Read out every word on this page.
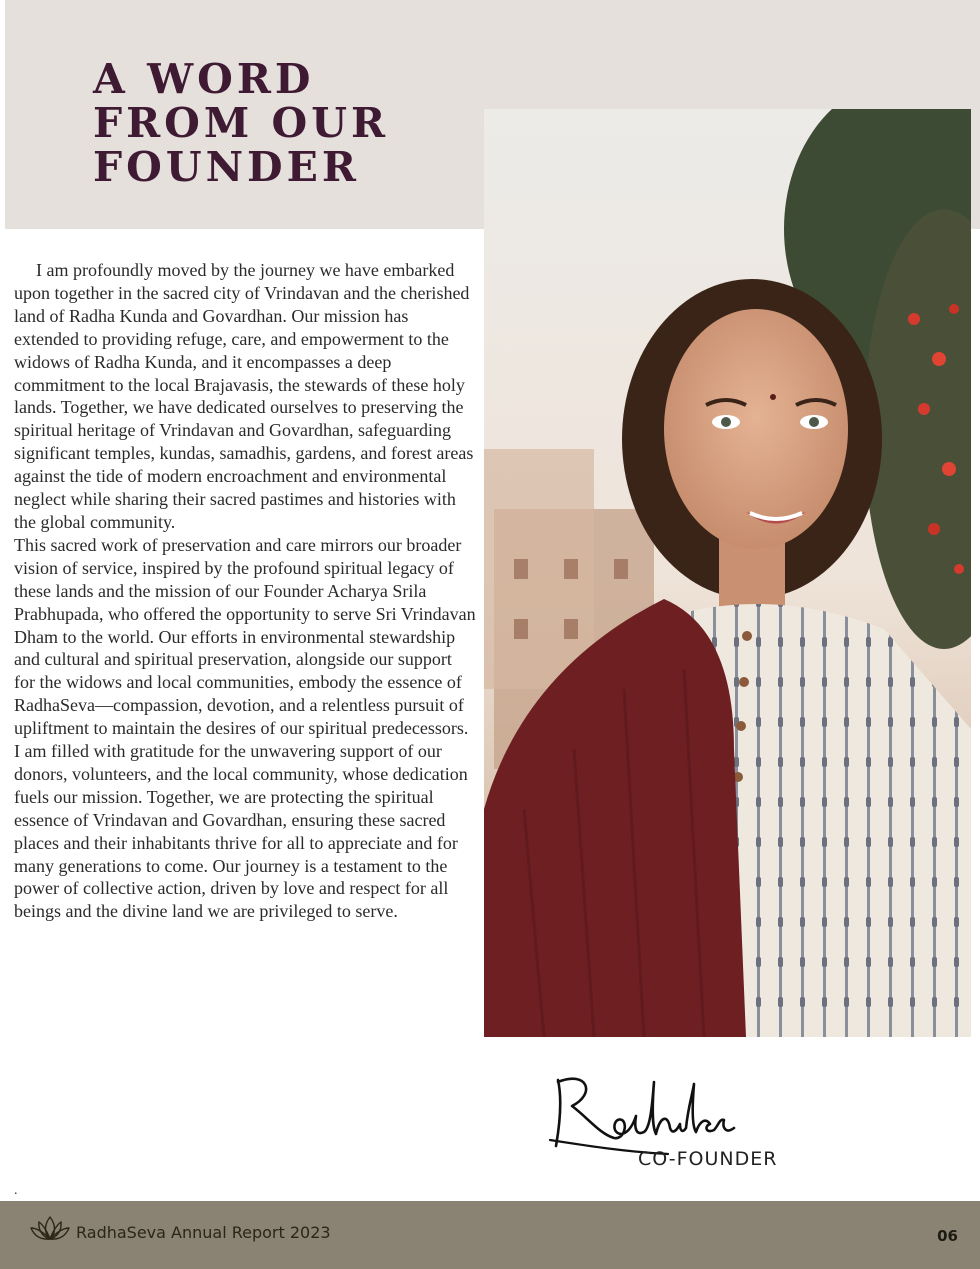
A WORD
FROM OUR
FOUNDER

I am profoundly moved by the journey we have embarked upon together in the sacred city of Vrindavan and the cherished land of Radha Kunda and Govardhan. Our mission has extended to providing refuge, care, and empowerment to the widows of Radha Kunda, and it encompasses a deep commitment to the local Brajavasis, the stewards of these holy lands. Together, we have dedicated ourselves to preserving the spiritual heritage of Vrindavan and Govardhan, safeguarding significant temples, kundas, samadhis, gardens, and forest areas against the tide of modern encroachment and environmental neglect while sharing their sacred pastimes and histories with the global community.

This sacred work of preservation and care mirrors our broader vision of service, inspired by the profound spiritual legacy of these lands and the mission of our Founder Acharya Srila Prabhupada, who offered the opportunity to serve Sri Vrindavan Dham to the world. Our efforts in environmental stewardship and cultural and spiritual preservation, alongside our support for the widows and local communities, embody the essence of RadhaSeva—compassion, devotion, and a relentless pursuit of upliftment to maintain the desires of our spiritual predecessors. I am filled with gratitude for the unwavering support of our donors, volunteers, and the local community, whose dedication fuels our mission. Together, we are protecting the spiritual essence of Vrindavan and Govardhan, ensuring these sacred places and their inhabitants thrive for all to appreciate and for many generations to come. Our journey is a testament to the power of collective action, driven by love and respect for all beings and the divine land we are privileged to serve.

.
CO-FOUNDER
RadhaSeva Annual Report 2023	06
